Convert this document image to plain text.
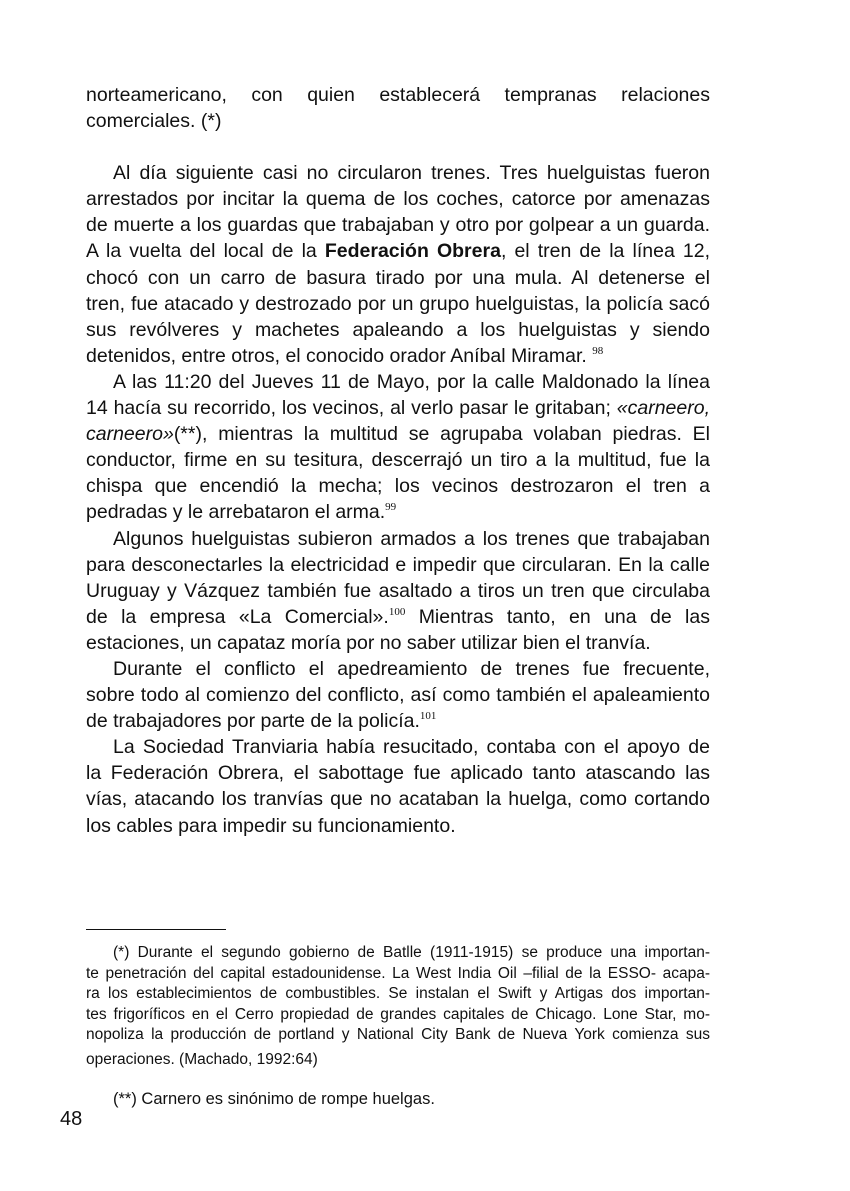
norteamericano, con quien establecerá tempranas relaciones
comerciales. (*)
Al día siguiente casi no circularon trenes. Tres huelguistas fueron
arrestados por incitar la quema de los coches, catorce por amenazas
de muerte a los guardas que trabajaban y otro por golpear a un guarda.
A la vuelta del local de la Federación Obrera, el tren de la línea 12,
chocó con un carro de basura tirado por una mula. Al detenerse el
tren, fue atacado y destrozado por un grupo huelguistas, la policía sacó
sus revólveres y machetes apaleando a los huelguistas y siendo
detenidos, entre otros, el conocido orador Aníbal Miramar. $^{98}$
A las 11:20 del Jueves 11 de Mayo, por la calle Maldonado la línea
14 hacía su recorrido, los vecinos, al verlo pasar le gritaban; «carneero,
carneero»(**), mientras la multitud se agrupaba volaban piedras. El
conductor, firme en su tesitura, descerrajó un tiro a la multitud, fue la
chispa que encendió la mecha; los vecinos destrozaron el tren a
pedradas y le arrebataron el arma.$^{99}$
Algunos huelguistas subieron armados a los trenes que trabajaban
para desconectarles la electricidad e impedir que circularan. En la calle
Uruguay y Vázquez también fue asaltado a tiros un tren que circulaba
de la empresa «La Comercial».$^{100}$ Mientras tanto, en una de las
estaciones, un capataz moría por no saber utilizar bien el tranvía.
Durante el conflicto el apedreamiento de trenes fue frecuente,
sobre todo al comienzo del conflicto, así como también el apaleamiento
de trabajadores por parte de la policía.$^{101}$
La Sociedad Tranviaria había resucitado, contaba con el apoyo de
la Federación Obrera, el sabottage fue aplicado tanto atascando las
vías, atacando los tranvías que no acataban la huelga, como cortando
los cables para impedir su funcionamiento.
(*) Durante el segundo gobierno de Batlle (1911-1915) se produce una importan-
te penetración del capital estadounidense. La West India Oil –filial de la ESSO- acapa-
ra los establecimientos de combustibles. Se instalan el Swift y Artigas dos importan-
tes frigoríficos en el Cerro propiedad de grandes capitales de Chicago. Lone Star, mo-
nopoliza la producción de portland y National City Bank de Nueva York comienza sus
operaciones. (Machado, 1992:64)
(**) Carnero es sinónimo de rompe huelgas.
48
